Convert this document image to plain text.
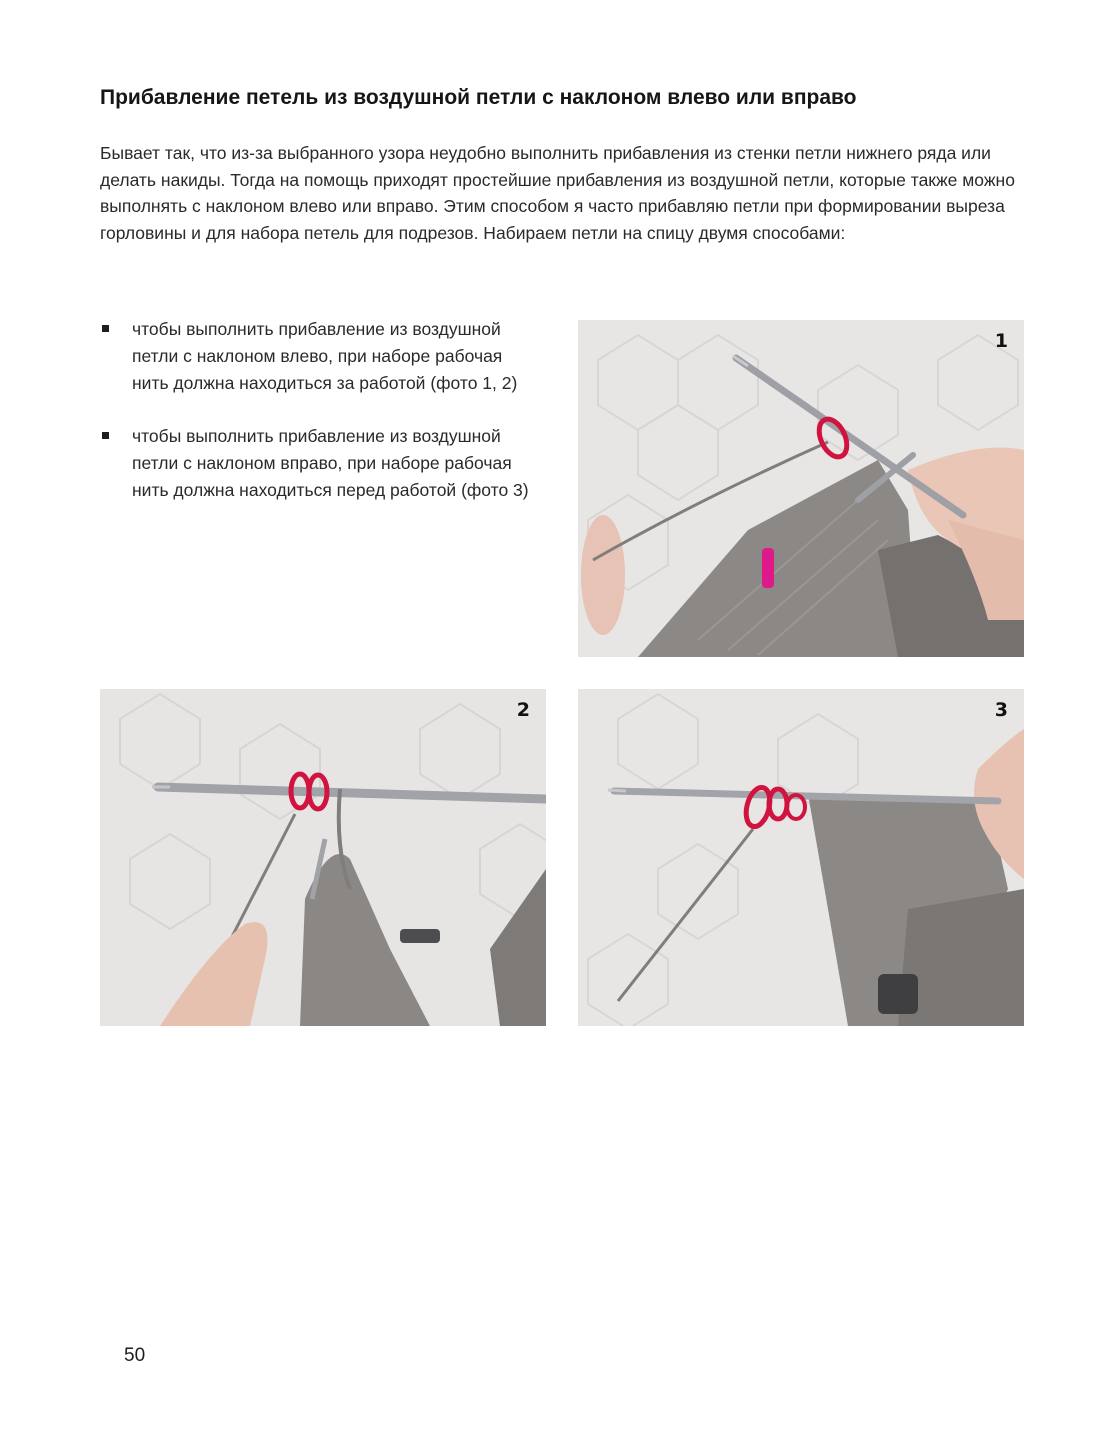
Прибавление петель из воздушной петли с наклоном влево или вправо

Бывает так, что из-за выбранного узора неудобно выполнить прибавления из стенки петли нижнего ряда или делать накиды. Тогда на помощь приходят простейшие прибавления из воздушной петли, которые также можно выполнять с наклоном влево или вправо. Этим способом я часто прибавляю петли при формировании выреза горловины и для набора петель для подрезов. Набираем петли на спицу двумя способами:

чтобы выполнить прибавление из воздушной петли с наклоном влево, при наборе рабочая нить должна находиться за работой (фото 1, 2)
чтобы выполнить прибавление из воздушной петли с наклоном вправо, при наборе рабочая нить должна находиться перед работой (фото 3)
1
2	3
50
